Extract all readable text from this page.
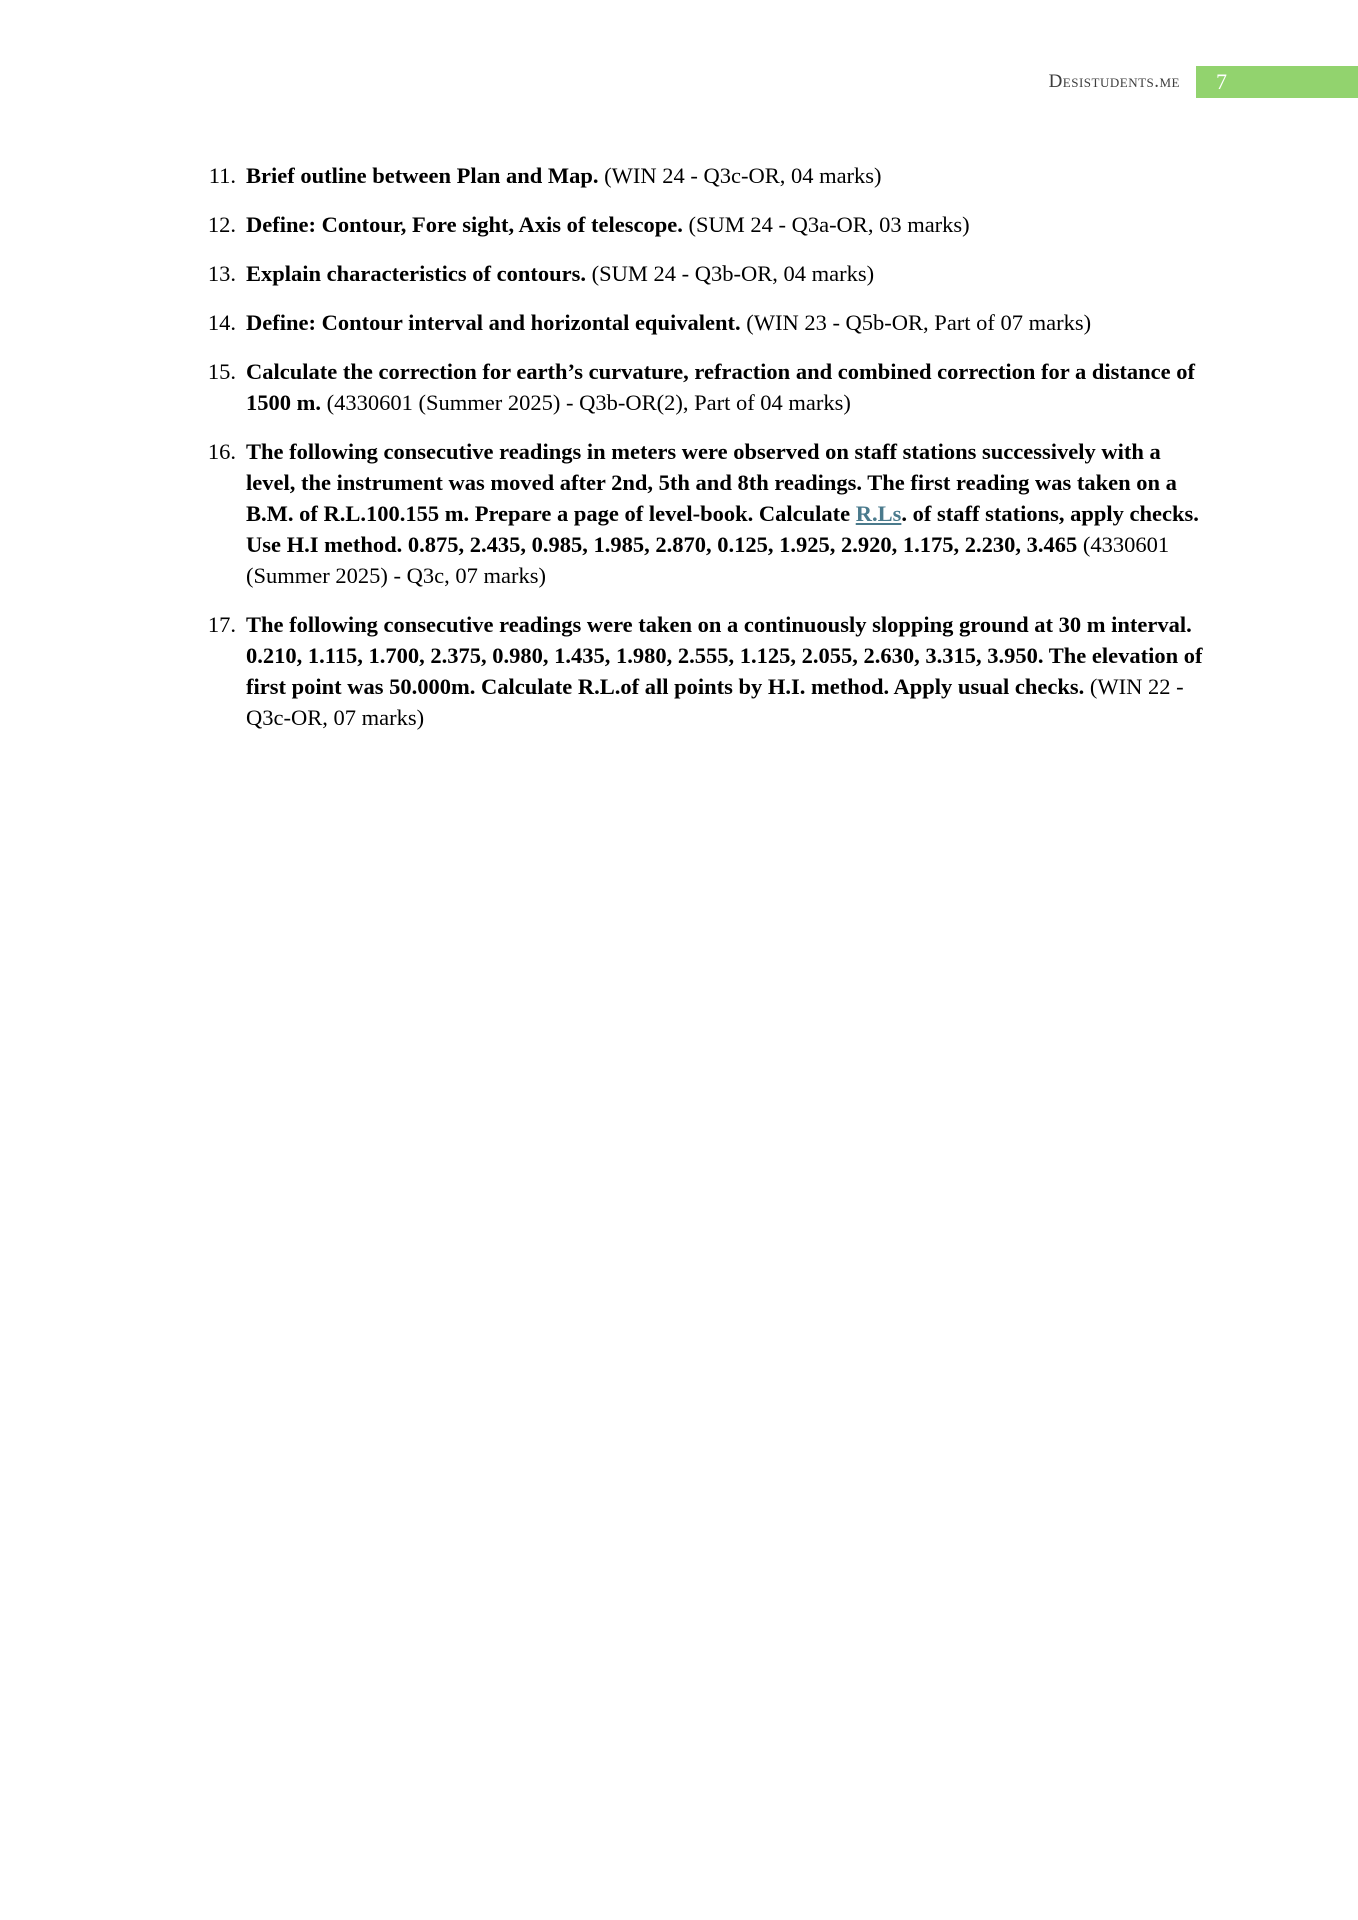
Desistudents.me	7
11. Brief outline between Plan and Map. (WIN 24 - Q3c-OR, 04 marks)
12. Define: Contour, Fore sight, Axis of telescope. (SUM 24 - Q3a-OR, 03 marks)
13. Explain characteristics of contours. (SUM 24 - Q3b-OR, 04 marks)
14. Define: Contour interval and horizontal equivalent. (WIN 23 - Q5b-OR, Part of 07 marks)
15. Calculate the correction for earth’s curvature, refraction and combined correction for a distance of 1500 m. (4330601 (Summer 2025) - Q3b-OR(2), Part of 04 marks)
16. The following consecutive readings in meters were observed on staff stations successively with a level, the instrument was moved after 2nd, 5th and 8th readings. The first reading was taken on a B.M. of R.L.100.155 m. Prepare a page of level-book. Calculate R.Ls. of staff stations, apply checks. Use H.I method. 0.875, 2.435, 0.985, 1.985, 2.870, 0.125, 1.925, 2.920, 1.175, 2.230, 3.465 (4330601 (Summer 2025) - Q3c, 07 marks)
17. The following consecutive readings were taken on a continuously slopping ground at 30 m interval. 0.210, 1.115, 1.700, 2.375, 0.980, 1.435, 1.980, 2.555, 1.125, 2.055, 2.630, 3.315, 3.950. The elevation of first point was 50.000m. Calculate R.L.of all points by H.I. method. Apply usual checks. (WIN 22 - Q3c-OR, 07 marks)
